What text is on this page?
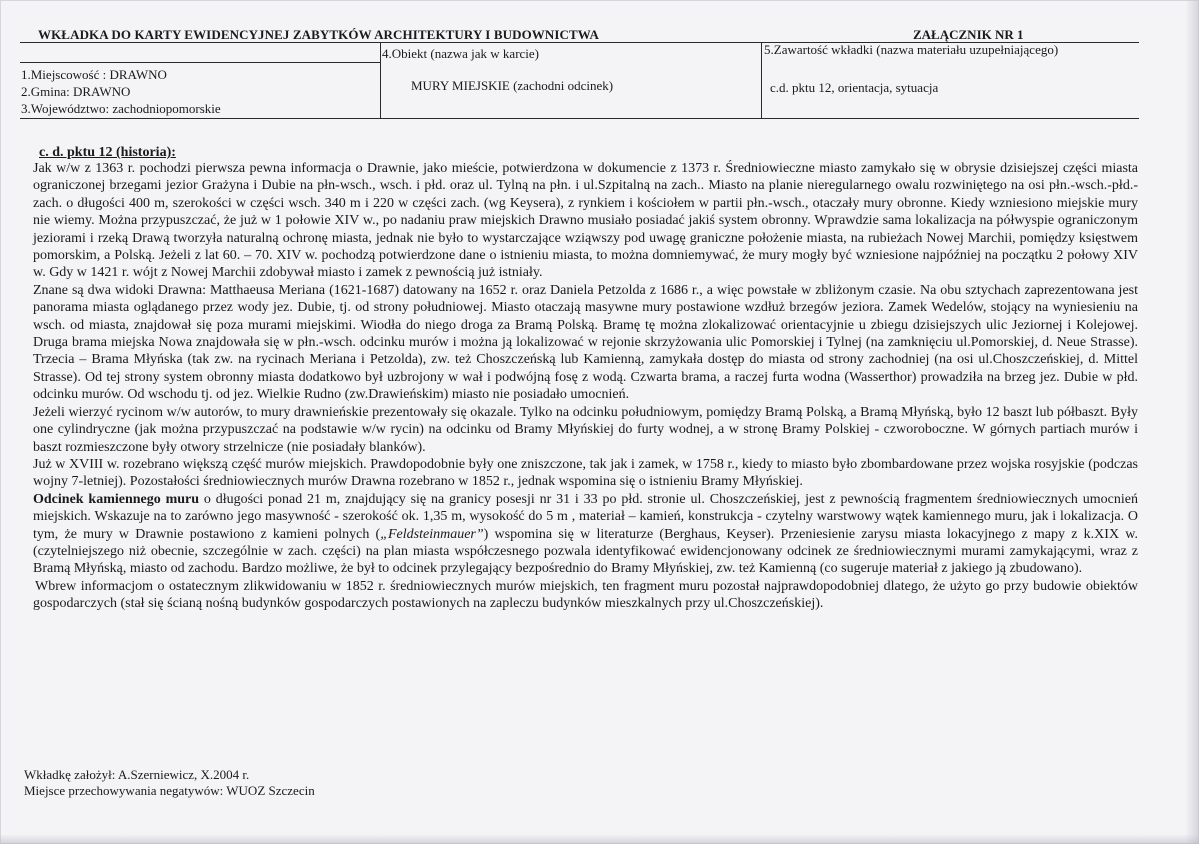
WKŁADKA DO KARTY EWIDENCYJNEJ ZABYTKÓW ARCHITEKTURY I BUDOWNICTWA	ZAŁĄCZNIK NR 1
1.Miejscowość : DRAWNO
2.Gmina: DRAWNO
3.Województwo: zachodniopomorskie
4.Obiekt (nazwa jak w karcie)
MURY MIEJSKIE (zachodni odcinek)
5.Zawartość wkładki (nazwa materiału uzupełniającego)
c.d. pktu 12, orientacja, sytuacja
c. d. pktu 12 (historia):

Jak w/w z 1363 r. pochodzi pierwsza pewna informacja o Drawnie, jako mieście, potwierdzona w dokumencie z 1373 r. Średniowieczne miasto zamykało się w obrysie dzisiejszej części miasta ograniczonej brzegami jezior Grażyna i Dubie na płn-wsch., wsch. i płd. oraz ul. Tylną na płn. i ul.Szpitalną na zach.. Miasto na planie nieregularnego owalu rozwiniętego na osi płn.-wsch.-płd.-zach. o długości 400 m, szerokości w części wsch. 340 m i 220 w części zach. (wg Keysera), z rynkiem i kościołem w partii płn.-wsch., otaczały mury obronne. Kiedy wzniesiono miejskie mury nie wiemy. Można przypuszczać, że już w 1 połowie XIV w., po nadaniu praw miejskich Drawno musiało posiadać jakiś system obronny. Wprawdzie sama lokalizacja na półwyspie ograniczonym jeziorami i rzeką Drawą tworzyła naturalną ochronę miasta, jednak nie było to wystarczające wziąwszy pod uwagę graniczne położenie miasta, na rubieżach Nowej Marchii, pomiędzy księstwem pomorskim, a Polską. Jeżeli z lat 60. – 70. XIV w. pochodzą potwierdzone dane o istnieniu miasta, to można domniemywać, że mury mogły być wzniesione najpóźniej na początku 2 połowy XIV w. Gdy w 1421 r. wójt z Nowej Marchii zdobywał miasto i zamek z pewnością już istniały.

Znane są dwa widoki Drawna: Matthaeusa Meriana (1621-1687) datowany na 1652 r. oraz Daniela Petzolda z 1686 r., a więc powstałe w zbliżonym czasie. Na obu sztychach zaprezentowana jest panorama miasta oglądanego przez wody jez. Dubie, tj. od strony południowej. Miasto otaczają masywne mury postawione wzdłuż brzegów jeziora. Zamek Wedelów, stojący na wyniesieniu na wsch. od miasta, znajdował się poza murami miejskimi. Wiodła do niego droga za Bramą Polską. Bramę tę można zlokalizować orientacyjnie u zbiegu dzisiejszych ulic Jeziornej i Kolejowej. Druga brama miejska Nowa znajdowała się w płn.-wsch. odcinku murów i można ją lokalizować w rejonie skrzyżowania ulic Pomorskiej i Tylnej (na zamknięciu ul.Pomorskiej, d. Neue Strasse). Trzecia – Brama Młyńska (tak zw. na rycinach Meriana i Petzolda), zw. też Choszczeńską lub Kamienną, zamykała dostęp do miasta od strony zachodniej (na osi ul.Choszczeńskiej, d. Mittel Strasse). Od tej strony system obronny miasta dodatkowo był uzbrojony w wał i podwójną fosę z wodą. Czwarta brama, a raczej furta wodna (Wasserthor) prowadziła na brzeg jez. Dubie w płd. odcinku murów. Od wschodu tj. od jez. Wielkie Rudno (zw.Drawieńskim) miasto nie posiadało umocnień.

Jeżeli wierzyć rycinom w/w autorów, to mury drawnieńskie prezentowały się okazale. Tylko na odcinku południowym, pomiędzy Bramą Polską, a Bramą Młyńską, było 12 baszt lub półbaszt. Były one cylindryczne (jak można przypuszczać na podstawie w/w rycin) na odcinku od Bramy Młyńskiej do furty wodnej, a w stronę Bramy Polskiej - czworoboczne. W górnych partiach murów i baszt rozmieszczone były otwory strzelnicze (nie posiadały blanków).

Już w XVIII w. rozebrano większą część murów miejskich. Prawdopodobnie były one zniszczone, tak jak i zamek, w 1758 r., kiedy to miasto było zbombardowane przez wojska rosyjskie (podczas wojny 7-letniej). Pozostałości średniowiecznych murów Drawna rozebrano w 1852 r., jednak wspomina się o istnieniu Bramy Młyńskiej.

Odcinek kamiennego muru o długości ponad 21 m, znajdujący się na granicy posesji nr 31 i 33 po płd. stronie ul. Choszczeńskiej, jest z pewnością fragmentem średniowiecznych umocnień miejskich. Wskazuje na to zarówno jego masywność - szerokość ok. 1,35 m, wysokość do 5 m , materiał – kamień, konstrukcja - czytelny warstwowy wątek kamiennego muru, jak i lokalizacja. O tym, że mury w Drawnie postawiono z kamieni polnych („Feldsteinmauer”) wspomina się w literaturze (Berghaus, Keyser). Przeniesienie zarysu miasta lokacyjnego z mapy z k.XIX w. (czytelniejszego niż obecnie, szczególnie w zach. części) na plan miasta współczesnego pozwala identyfikować ewidencjonowany odcinek ze średniowiecznymi murami zamykającymi, wraz z Bramą Młyńską, miasto od zachodu. Bardzo możliwe, że był to odcinek przylegający bezpośrednio do Bramy Młyńskiej, zw. też Kamienną (co sugeruje materiał z jakiego ją zbudowano).

Wbrew informacjom o ostatecznym zlikwidowaniu w 1852 r. średniowiecznych murów miejskich, ten fragment muru pozostał najprawdopodobniej dlatego, że użyto go przy budowie obiektów gospodarczych (stał się ścianą nośną budynków gospodarczych postawionych na zapleczu budynków mieszkalnych przy ul.Choszczeńskiej).

Wkładkę założył: A.Szerniewicz, X.2004 r.
Miejsce przechowywania negatywów: WUOZ Szczecin
